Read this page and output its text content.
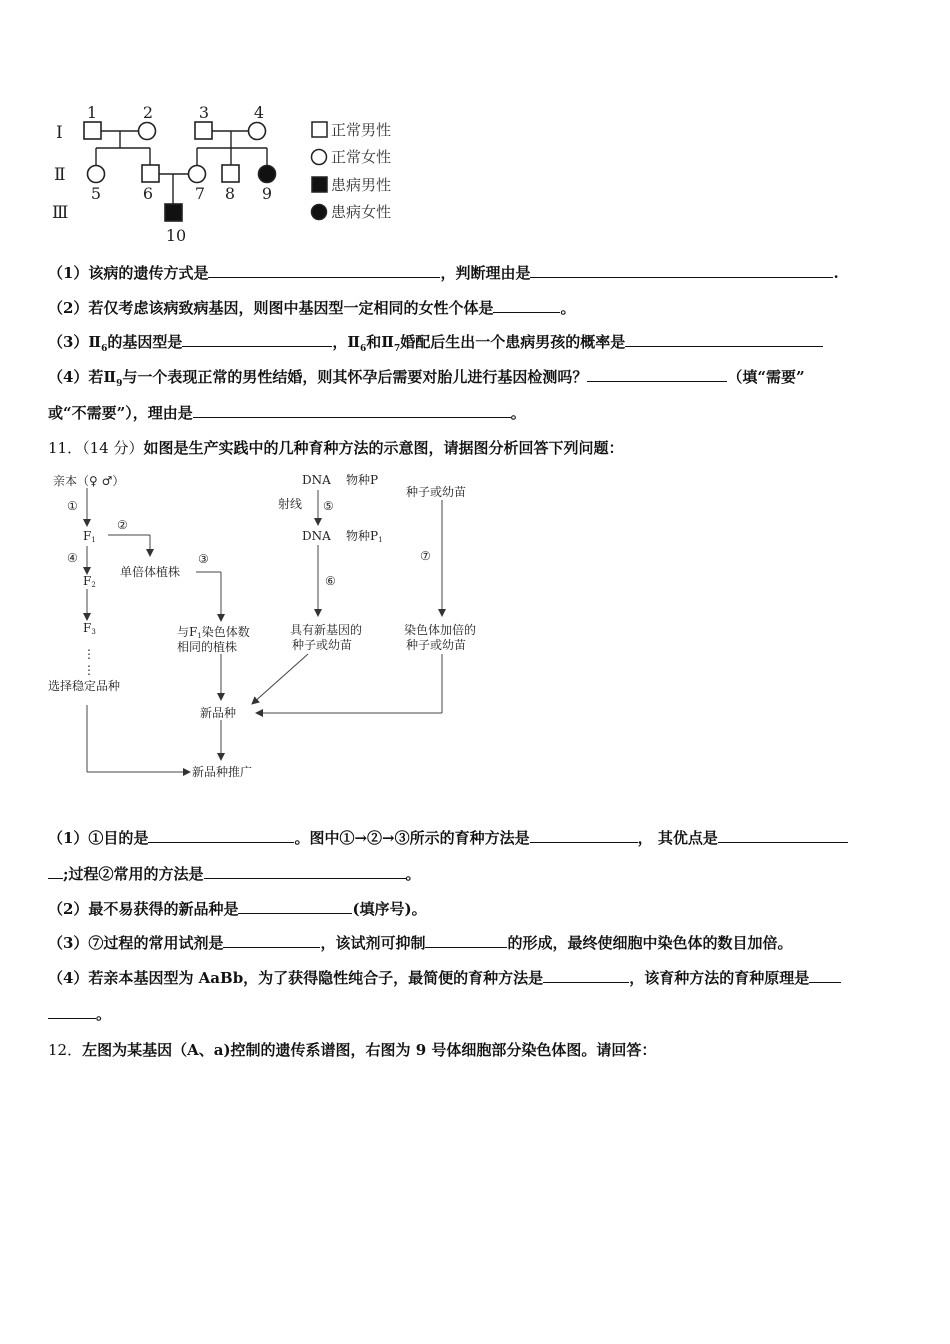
Ⅰ
Ⅱ
Ⅲ
1	2	3	4
5	6	7 8 9
10
正常男性
正常女性
患病男性
患病女性
（1）该病的遗传方式是	，判断理由是	.
（2）若仅考虑该病致病基因，则图中基因型一定相同的女性个体是	。
$(3)Ⅱ_6$的基因型是	，$Ⅱ_6$和$Ⅱ_7$婚配后生出一个患病男孩的概率是
（4）若$Ⅱ_9$与一个表现正常的男性结婚，则其怀孕后需要对胎儿进行基因检测吗？	（填“需要”
或“不需要”），理由是	。
11．（14 分）如图是生产实践中的几种育种方法的示意图，请据图分析回答下列问题：
亲本（♀ ♂）
①
②
③
④
F1
F2
F3
⋮
⋮
选择稳定品种
单倍体植株
与F1染色体数
相同的植株
DNA 物种P
射线 ⑤
DNA 物种P1
⑥
具有新基因的
种子或幼苗
种子或幼苗
⑦
染色体加倍的
种子或幼苗
新品种
新品种推广
（1）①目的是	。图中①→②→③所示的育种方法是	， 其优点是
;过程②常用的方法是	。
（2）最不易获得的新品种是	(填序号)。
（3）⑦过程的常用试剂是	，该试剂可抑制	的形成，最终使细胞中染色体的数目加倍。
（4）若亲本基因型为 AaBb，为了获得隐性纯合子，最简便的育种方法是	，该育种方法的育种原理是
。
12．左图为某基因（A、a)控制的遗传系谱图，右图为 9 号体细胞部分染色体图。请回答：
